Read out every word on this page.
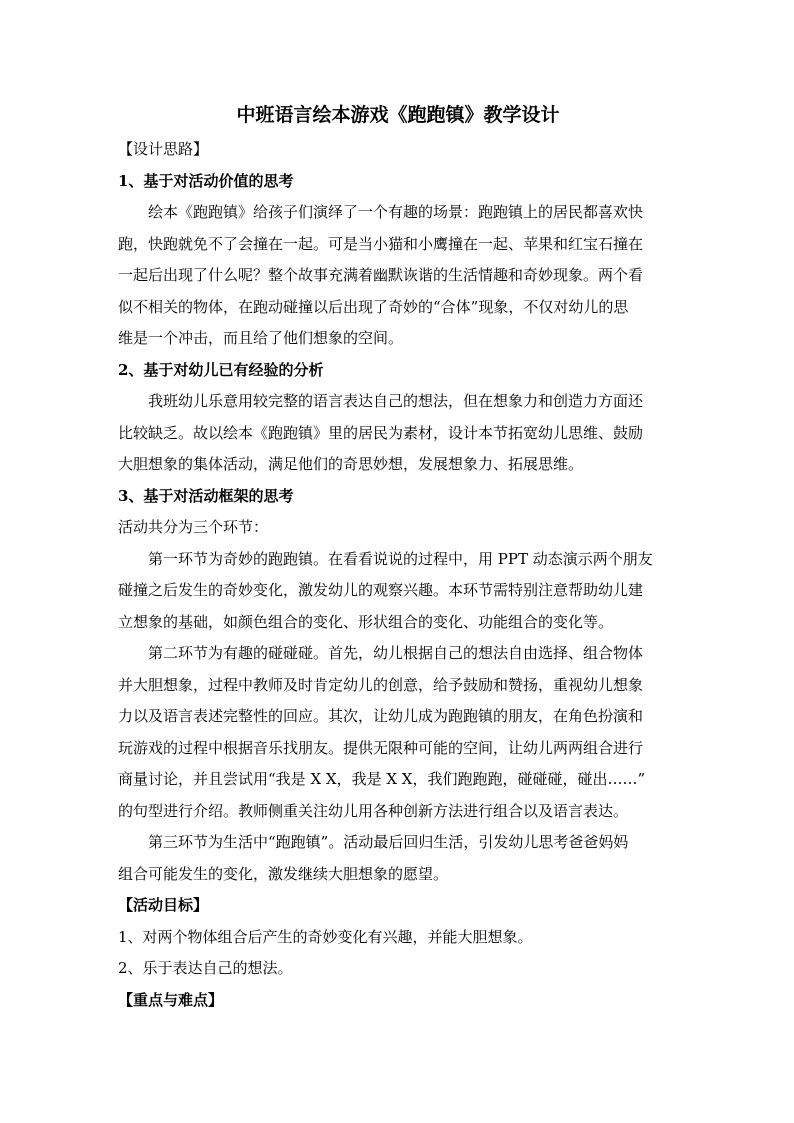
中班语言绘本游戏《跑跑镇》教学设计

【设计思路】

1、基于对活动价值的思考

绘本《跑跑镇》给孩子们演绎了一个有趣的场景：跑跑镇上的居民都喜欢快
跑，快跑就免不了会撞在一起。可是当小猫和小鹰撞在一起、苹果和红宝石撞在
一起后出现了什么呢？整个故事充满着幽默诙谐的生活情趣和奇妙现象。两个看
似不相关的物体，在跑动碰撞以后出现了奇妙的“合体”现象，不仅对幼儿的思
维是一个冲击，而且给了他们想象的空间。

2、基于对幼儿已有经验的分析

我班幼儿乐意用较完整的语言表达自己的想法，但在想象力和创造力方面还
比较缺乏。故以绘本《跑跑镇》里的居民为素材，设计本节拓宽幼儿思维、鼓励
大胆想象的集体活动，满足他们的奇思妙想，发展想象力、拓展思维。

3、基于对活动框架的思考

活动共分为三个环节：

第一环节为奇妙的跑跑镇。在看看说说的过程中，用 PPT 动态演示两个朋友
碰撞之后发生的奇妙变化，激发幼儿的观察兴趣。本环节需特别注意帮助幼儿建
立想象的基础，如颜色组合的变化、形状组合的变化、功能组合的变化等。
第二环节为有趣的碰碰碰。首先，幼儿根据自己的想法自由选择、组合物体
并大胆想象，过程中教师及时肯定幼儿的创意，给予鼓励和赞扬，重视幼儿想象
力以及语言表述完整性的回应。其次，让幼儿成为跑跑镇的朋友，在角色扮演和
玩游戏的过程中根据音乐找朋友。提供无限种可能的空间，让幼儿两两组合进行
商量讨论，并且尝试用“我是 X X，我是 X X，我们跑跑跑，碰碰碰，碰出……”
的句型进行介绍。教师侧重关注幼儿用各种创新方法进行组合以及语言表达。
第三环节为生活中“跑跑镇”。活动最后回归生活，引发幼儿思考爸爸妈妈
组合可能发生的变化，激发继续大胆想象的愿望。

【活动目标】

1、对两个物体组合后产生的奇妙变化有兴趣，并能大胆想象。

2、乐于表达自己的想法。

【重点与难点】
